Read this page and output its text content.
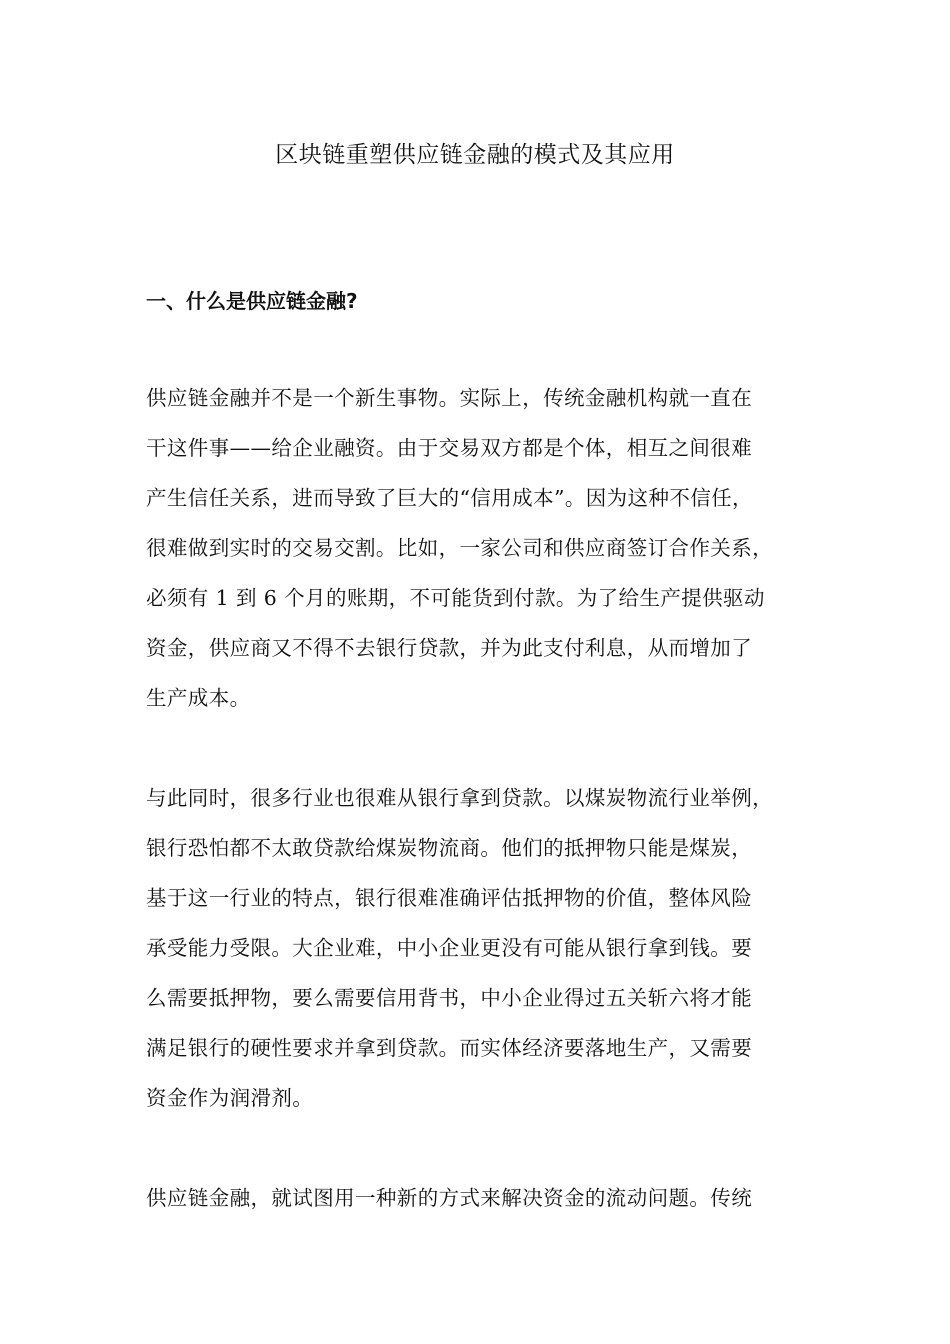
区块链重塑供应链金融的模式及其应用
一、什么是供应链金融?
供应链金融并不是一个新生事物。实际上，传统金融机构就一直在
干这件事——给企业融资。由于交易双方都是个体，相互之间很难
产生信任关系，进而导致了巨大的“信用成本”。因为这种不信任，
很难做到实时的交易交割。比如，一家公司和供应商签订合作关系，
必须有 1 到 6 个月的账期，不可能货到付款。为了给生产提供驱动
资金，供应商又不得不去银行贷款，并为此支付利息，从而增加了
生产成本。
与此同时，很多行业也很难从银行拿到贷款。以煤炭物流行业举例，
银行恐怕都不太敢贷款给煤炭物流商。他们的抵押物只能是煤炭，
基于这一行业的特点，银行很难准确评估抵押物的价值，整体风险
承受能力受限。大企业难，中小企业更没有可能从银行拿到钱。要
么需要抵押物，要么需要信用背书，中小企业得过五关斩六将才能
满足银行的硬性要求并拿到贷款。而实体经济要落地生产，又需要
资金作为润滑剂。
供应链金融，就试图用一种新的方式来解决资金的流动问题。传统
